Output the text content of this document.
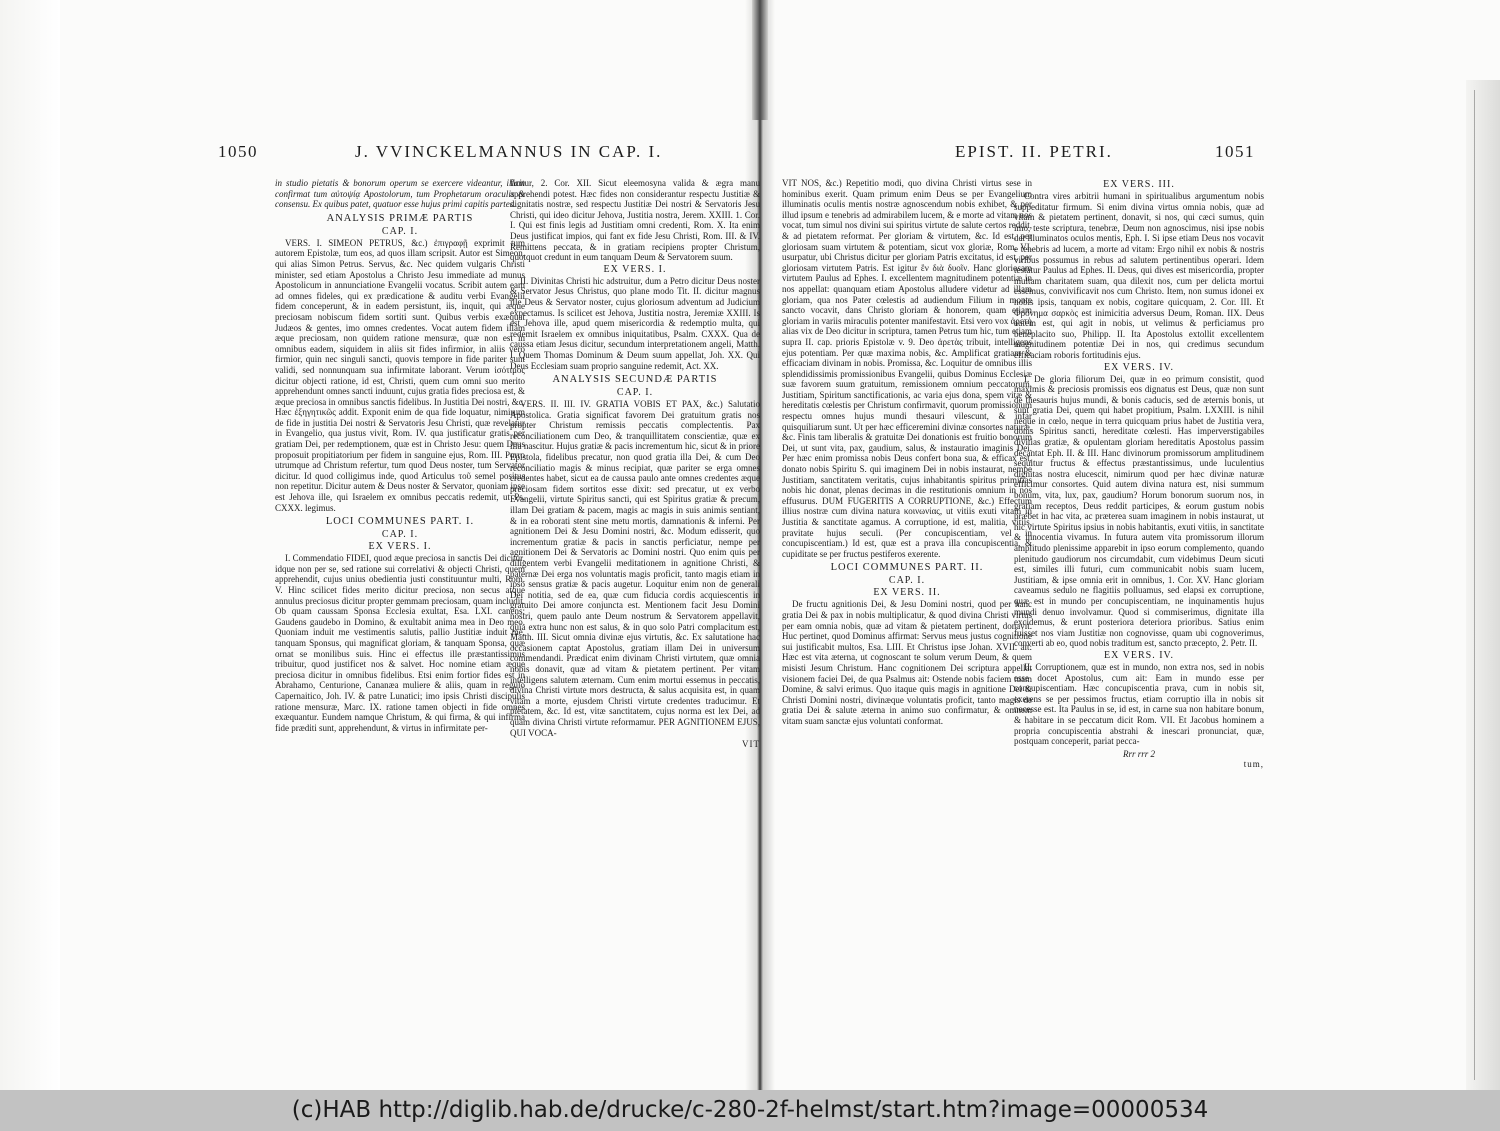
1050	J. VVINCKELMANNUS IN CAP. I.	EPIST. II. PETRI.	1051

in studio pietatis & bonorum operum se exercere videantur, illam confirmat tum αὐτοψίᾳ Apostolorum, tum Prophetarum oraculis & consensu. Ex quibus patet, quatuor esse hujus primi capitis partes.

ANALYSIS PRIMÆ PARTIS
CAP. I.

VERS. I. SIMEON PETRUS, &c.) ἐπιγραφῇ exprimit tum autorem Epistolæ, tum eos, ad quos illam scripsit. Autor est Simeon, qui alias Simon Petrus. Servus, &c. Nec quidem vulgaris Christi minister, sed etiam Apostolus a Christo Jesu immediate ad munus Apostolicum in annunciatione Evangelii vocatus. Scribit autem eam ad omnes fideles, qui ex prædicatione & auditu verbi Evangelii fidem conceperunt, & in eadem persistunt, iis, inquit, qui æque preciosam nobiscum fidem sortiti sunt. Quibus verbis exæquat Judæos & gentes, imo omnes credentes. Vocat autem fidem illam æque preciosam, non quidem ratione mensuræ, quæ non est in omnibus eadem, siquidem in aliis sit fides infirmior, in aliis vero firmior, quin nec singuli sancti, quovis tempore in fide pariter sunt validi, sed nonnunquam sua infirmitate laborant. Verum ἰσότιμος dicitur objecti ratione, id est, Christi, quem cum omni suo merito apprehendunt omnes sancti induunt, cujus gratia fides preciosa est, & æque preciosa in omnibus sanctis fidelibus. In Justitia Dei nostri, &c. Hæc ἐξηγητικῶς addit. Exponit enim de qua fide loquatur, nimirum de fide in justitia Dei nostri & Servatoris Jesu Christi, quæ revelatur in Evangelio, qua justus vivit, Rom. IV. qua justificatur gratis per gratiam Dei, per redemptionem, quæ est in Christo Jesu: quem Deus proposuit propitiatorium per fidem in sanguine ejus, Rom. III. Porro utrumque ad Christum refertur, tum quod Deus noster, tum Servator dicitur. Id quod colligimus inde, quod Articulus τοῦ semel positus non repetitur. Dicitur autem & Deus noster & Servator, quoniam ipse est Jehova ille, qui Israelem ex omnibus peccatis redemit, ut Ps. CXXX. legimus.

LOCI COMMUNES PART. I.
CAP. I.
EX VERS. I.

I. Commendatio FIDEI, quod æque preciosa in sanctis Dei dicitur, idque non per se, sed ratione sui correlativi & objecti Christi, quem apprehendit, cujus unius obedientia justi constituuntur multi, Rom. V. Hinc scilicet fides merito dicitur preciosa, non secus atque annulus preciosus dicitur propter gemmam preciosam, quam includit. Ob quam caussam Sponsa Ecclesia exultat, Esa. LXI. canens: Gaudens gaudebo in Domino, & exultabit anima mea in Deo meo. Quoniam induit me vestimentis salutis, pallio Justitiæ induit me, tanquam Sponsus, qui magnificat gloriam, & tanquam Sponsa, quæ ornat se monilibus suis. Hinc ei effectus ille præstantissimus tribuitur, quod justificet nos & salvet. Hoc nomine etiam æque preciosa dicitur in omnibus fidelibus. Etsi enim fortior fides est in Abrahamo, Centurione, Cananæa muliere & aliis, quam in regulo Capernaitico, Joh. IV. & patre Lunatici; imo ipsis Christi discipulis ratione mensuræ, Marc. IX. ratione tamen objecti in fide omnes exæquantur. Eundem namque Christum, & qui firma, & qui infirma fide præditi sunt, apprehendunt, & virtus in infirmitate per-

ficitur, 2. Cor. XII. Sicut eleemosyna valida & ægra manu apprehendi potest. Hæc fides non considerantur respectu Justitiæ & dignitatis nostræ, sed respectu Justitiæ Dei nostri & Servatoris Jesu Christi, qui ideo dicitur Jehova, Justitia nostra, Jerem. XXIII. 1. Cor. I. Qui est finis legis ad Justitiam omni credenti, Rom. X. Ita enim Deus justificat impios, qui fant ex fide Jesu Christi, Rom. III. & IV. Remittens peccata, & in gratiam recipiens propter Christum, quotquot credunt in eum tanquam Deum & Servatorem suum.

EX VERS. I.

II. Divinitas Christi hic adstruitur, dum a Petro dicitur Deus noster & Servator Jesus Christus, quo plane modo Tit. II. dicitur magnus ille Deus & Servator noster, cujus gloriosum adventum ad Judicium expectamus. Is scilicet est Jehova, Justitia nostra, Jeremiæ XXIII. Is est Jehova ille, apud quem misericordia & redemptio multa, qui redemit Israelem ex omnibus iniquitatibus, Psalm. CXXX. Qua de caussa etiam Jesus dicitur, secundum interpretationem angeli, Matth. I. Quem Thomas Dominum & Deum suum appellat, Joh. XX. Qui Deus Ecclesiam suam proprio sanguine redemit, Act. XX.

ANALYSIS SECUNDÆ PARTIS
CAP. I.

VERS. II. III. IV. GRATIA VOBIS ET PAX, &c.) Salutatio Apostolica. Gratia significat favorem Dei gratuitum gratis nos propter Christum remissis peccatis complectentis. Pax reconciliationem cum Deo, & tranquillitatem conscientiæ, quæ ex illa nascitur. Hujus gratiæ & pacis incrementum hic, sicut & in priore Epistola, fidelibus precatur, non quod gratia illa Dei, & cum Deo reconciliatio magis & minus recipiat, quæ pariter se erga omnes credentes habet, sicut ea de caussa paulo ante omnes credentes æque preciosam fidem sortitos esse dixit: sed precatur, ut ex verbo Evangelii, virtute Spiritus sancti, qui est Spiritus gratiæ & precum, illam Dei gratiam & pacem, magis ac magis in suis animis sentiant, & in ea roborati stent sine metu mortis, damnationis & inferni. Per agnitionem Dei & Jesu Domini nostri, &c. Modum edisserit, quo incrementum gratiæ & pacis in sanctis perficiatur, nempe per agnitionem Dei & Servatoris ac Domini nostri. Quo enim quis per diligentem verbi Evangelii meditationem in agnitione Christi, & paternæ Dei erga nos voluntatis magis proficit, tanto magis etiam in ipso sensus gratiæ & pacis augetur. Loquitur enim non de generali Dei notitia, sed de ea, quæ cum fiducia cordis acquiescentis in gratuito Dei amore conjuncta est. Mentionem facit Jesu Domini nostri, quem paulo ante Deum nostrum & Servatorem appellavit, quia extra hunc non est salus, & in quo solo Patri complacitum est, Matth. III. Sicut omnia divinæ ejus virtutis, &c. Ex salutatione hac occasionem captat Apostolus, gratiam illam Dei in universum commendandi. Prædicat enim divinam Christi virtutem, quæ omnia nobis donavit, quæ ad vitam & pietatem pertinent. Per vitam intelligens salutem æternam. Cum enim mortui essemus in peccatis, divina Christi virtute mors destructa, & salus acquisita est, in quam vitam a morte, ejusdem Christi virtute credentes traducimur. Et pietatem, &c. Id est, vitæ sanctitatem, cujus norma est lex Dei, ad quam divina Christi virtute reformamur. PER AGNITIONEM EJUS, QUI VOCA-

VIT

VIT NOS, &c.) Repetitio modi, quo divina Christi virtus sese in hominibus exerit. Quam primum enim Deus se per Evangelium illuminatis oculis mentis nostræ agnoscendum nobis exhibet, & per illud ipsum e tenebris ad admirabilem lucem, & e morte ad vitam nos vocat, tum simul nos divini sui spiritus virtute de salute certos reddit, & ad pietatem reformat. Per gloriam & virtutem, &c. Id est, per gloriosam suam virtutem & potentiam, sicut vox gloriæ, Rom. VI. usurpatur, ubi Christus dicitur per gloriam Patris excitatus, id est, per gloriosam virtutem Patris. Est igitur ἓν διὰ δυοῖν. Hanc gloriosam virtutem Paulus ad Ephes. I. excellentem magnitudinem potentiæ in nos appellat: quanquam etiam Apostolus alludere videtur ad illam gloriam, qua nos Pater cœlestis ad audiendum Filium in monte sancto vocavit, dans Christo gloriam & honorem, quam etiam gloriam in variis miraculis potenter manifestavit. Etsi vero vox ἀρετὴ alias vix de Deo dicitur in scriptura, tamen Petrus tum hic, tum etiam supra II. cap. prioris Epistolæ v. 9. Deo ἀρετὰς tribuit, intelligens ejus potentiam. Per quæ maxima nobis, &c. Amplificat gratiam & efficaciam divinam in nobis. Promissa, &c. Loquitur de omnibus illis splendidissimis promissionibus Evangelii, quibus Dominus Ecclesiæ suæ favorem suum gratuitum, remissionem omnium peccatorum, Justitiam, Spiritum sanctificationis, ac varia ejus dona, spem vitæ & hereditatis cœlestis per Christum confirmavit, quorum promissionum respectu omnes hujus mundi thesauri vilescunt, & infar quisquiliarum sunt. Ut per hæc efficeremini divinæ consortes naturæ, &c. Finis tam liberalis & gratuitæ Dei donationis est fruitio bonorum Dei, ut sunt vita, pax, gaudium, salus, & instauratio imaginis Dei. Per hæc enim promissa nobis Deus confert bona sua, & efficax est, donato nobis Spiritu S. qui imaginem Dei in nobis instaurat, nempe Justitiam, sanctitatem veritatis, cujus inhabitantis spiritus primitias nobis hic donat, plenas decimas in die restitutionis omnium in nos effusurus. DUM FUGERITIS A CORRUPTIONE, &c.) Effectum illius nostræ cum divina natura κοινωνίας, ut vitiis exuti vitam in Justitia & sanctitate agamus. A corruptione, id est, malitia, vitiis, pravitate hujus seculi. (Per concupiscentiam, vel in concupiscentiam.) Id est, quæ est a prava illa concupiscentia, & cupiditate se per fructus pestiferos exerente.

LOCI COMMUNES PART. II.
CAP. I.
EX VERS. II.

De fructu agnitionis Dei, & Jesu Domini nostri, quod per hanc gratia Dei & pax in nobis multiplicatur, & quod divina Christi virtus per eam omnia nobis, quæ ad vitam & pietatem pertinent, donavit. Huc pertinet, quod Dominus affirmat: Servus meus justus cognitione sui justificabit multos, Esa. LIII. Et Christus ipse Johan. XVII. ait: Hæc est vita æterna, ut cognoscant te solum verum Deum, & quem misisti Jesum Christum. Hanc cognitionem Dei scriptura appellat visionem faciei Dei, de qua Psalmus ait: Ostende nobis faciem tuam Domine, & salvi erimus. Quo itaque quis magis in agnitione Dei & Christi Domini nostri, divinæque voluntatis proficit, tanto magis de gratia Dei & salute æterna in animo suo confirmatur, & omnem vitam suam sanctæ ejus voluntati conformat.

EX VERS. III.

Contra vires arbitrii humani in spiritualibus argumentum nobis suppeditatur firmum. Si enim divina virtus omnia nobis, quæ ad vitam & pietatem pertinent, donavit, si nos, qui cæci sumus, quin imo, teste scriptura, tenebræ, Deum non agnoscimus, nisi ipse nobis det illuminatos oculos mentis, Eph. I. Si ipse etiam Deus nos vocavit e tenebris ad lucem, a morte ad vitam: Ergo nihil ex nobis & nostris viribus possumus in rebus ad salutem pertinentibus operari. Idem testatur Paulus ad Ephes. II. Deus, qui dives est misericordia, propter multam charitatem suam, qua dilexit nos, cum per delicta mortui essemus, convivificavit nos cum Christo. Item, non sumus idonei ex nobis ipsis, tanquam ex nobis, cogitare quicquam, 2. Cor. III. Et Φρόνημα σαρκὸς est inimicitia adversus Deum, Roman. IIX. Deus autem est, qui agit in nobis, ut velimus & perficiamus pro beneplacito suo, Philipp. II. Ita Apostolus extollit excellentem magnitudinem potentiæ Dei in nos, qui credimus secundum efficaciam roboris fortitudinis ejus.

EX VERS. IV.

I. De gloria filiorum Dei, quæ in eo primum consistit, quod maximis & preciosis promissis eos dignatus est Deus, quæ non sunt de thesauris hujus mundi, & bonis caducis, sed de æternis bonis, ut sunt gratia Dei, quem qui habet propitium, Psalm. LXXIII. is nihil neque in cœlo, neque in terra quicquam prius habet de Justitia vera, donis Spiritus sancti, hereditate cœlesti. Has imperverstigabiles divitias gratiæ, & opulentam gloriam hereditatis Apostolus passim decantat Eph. II. & III. Hanc divinorum promissorum amplitudinem sequitur fructus & effectus præstantissimus, unde luculentius dignitas nostra elucescit, nimirum quod per hæc divinæ naturæ efficimur consortes. Quid autem divina natura est, nisi summum bonum, vita, lux, pax, gaudium? Horum bonorum suorum nos, in gratiam receptos, Deus reddit participes, & eorum gustum nobis præbet in hac vita, ac præterea suam imaginem in nobis instaurat, ut hic virtute Spiritus ipsius in nobis habitantis, exuti vitiis, in sanctitate & innocentia vivamus. In futura autem vita promissorum illorum amplitudo plenissime apparebit in ipso eorum complemento, quando plenitudo gaudiorum nos circumdabit, cum videbimus Deum sicuti est, similes illi futuri, cum communicabit nobis suam lucem, Justitiam, & ipse omnia erit in omnibus, 1. Cor. XV. Hanc gloriam caveamus sedulo ne flagitiis polluamus, sed elapsi ex corruptione, quæ est in mundo per concupiscentiam, ne inquinamentis hujus mundi denuo involvamur. Quod si commiserimus, dignitate illa excidemus, & erunt posteriora deteriora prioribus. Satius enim fuisset nos viam Justitiæ non cognovisse, quam ubi cognoverimus, converti ab eo, quod nobis traditum est, sancto præcepto, 2. Petr. II.

EX VERS. IV.

II. Corruptionem, quæ est in mundo, non extra nos, sed in nobis esse docet Apostolus, cum ait: Eam in mundo esse per concupiscentiam. Hæc concupiscentia prava, cum in nobis sit, exerens se per pessimos fructus, etiam corruptio illa in nobis sit necesse est. Ita Paulus in se, id est, in carne sua non habitare bonum, & habitare in se peccatum dicit Rom. VII. Et Jacobus hominem a propria concupiscentia abstrahi & inescari pronunciat, quæ, postquam conceperit, pariat pecca-

Rrr rrr 2
tum,
(c)HAB http://diglib.hab.de/drucke/c-280-2f-helmst/start.htm?image=00000534
